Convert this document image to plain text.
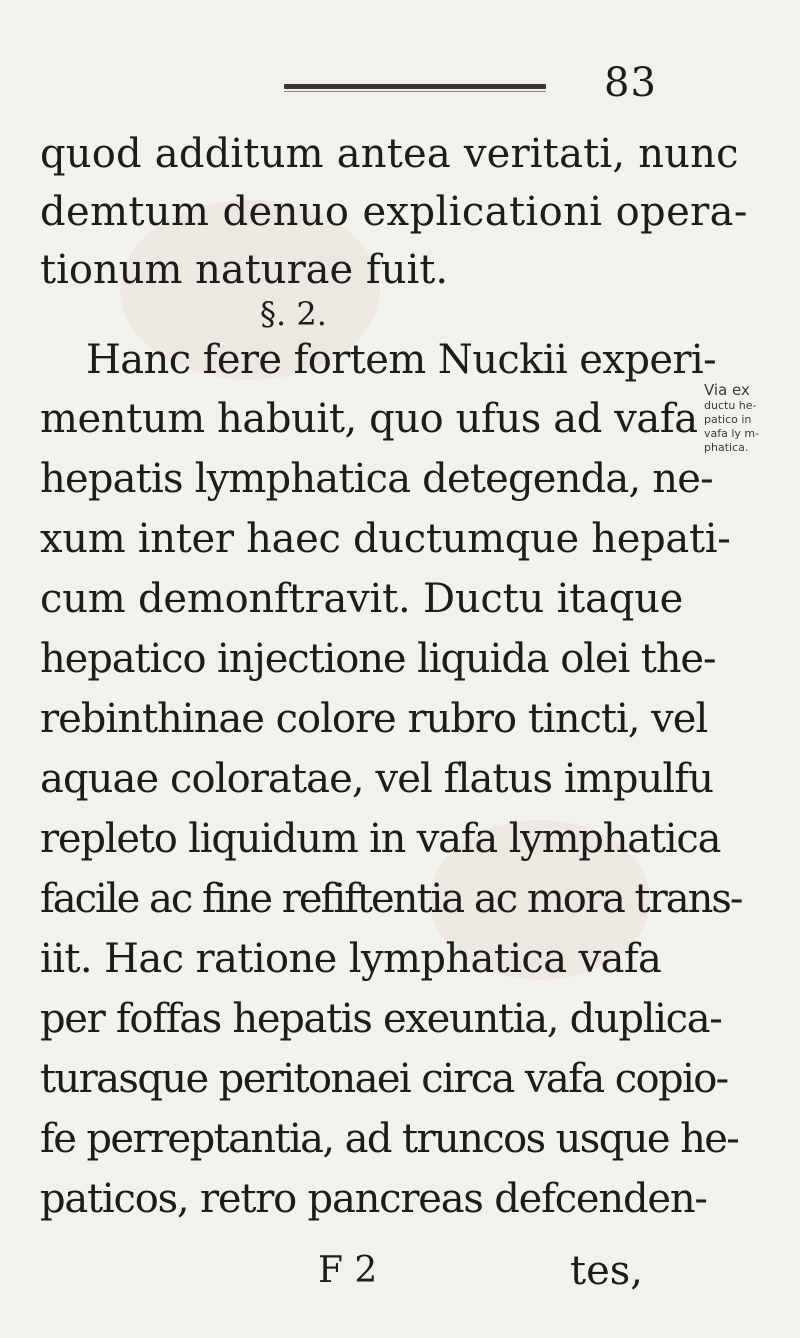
83
quod additum antea veritati, nunc
demtum denuo explicationi opera-
tionum naturae fuit.
§. 2.
Hanc fere fortem Nuckii experi-
mentum habuit, quo ufus ad vafa
hepatis lymphatica detegenda, ne-
xum inter haec ductumque hepati-
cum demonftravit. Ductu itaque
hepatico injectione liquida olei the-
rebinthinae colore rubro tincti, vel
aquae coloratae, vel flatus impulfu
repleto liquidum in vafa lymphatica
facile ac fine refiftentia ac mora trans-
iit. Hac ratione lymphatica vafa
per foffas hepatis exeuntia, duplica-
turasque peritonaei circa vafa copio-
fe perreptantia, ad truncos usque he-
paticos, retro pancreas defcenden-
Via ex
ductu he-
patico in
vafa ly m-
phatica.
F 2	tes,
